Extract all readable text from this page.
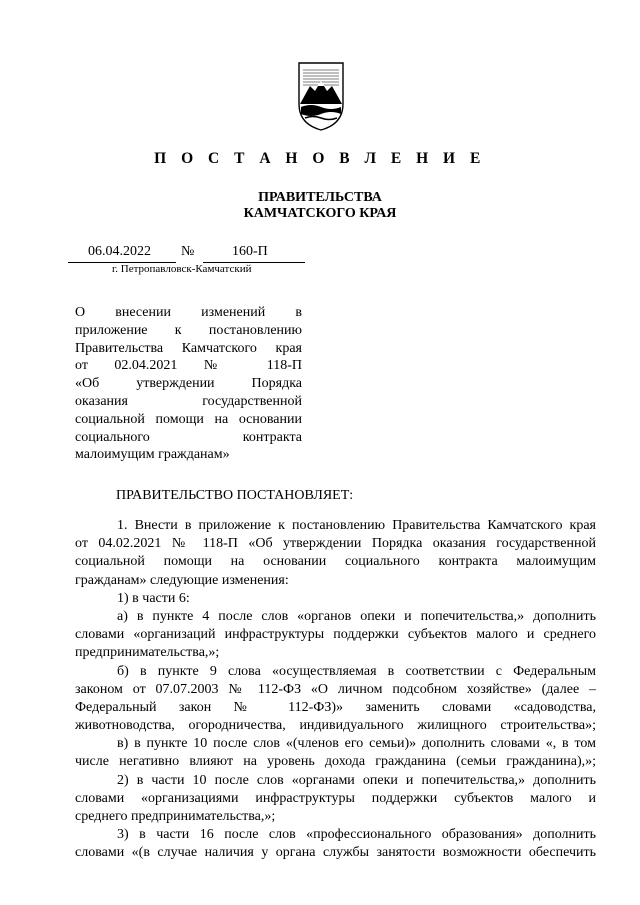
П О С Т А Н О В Л Е Н И Е
ПРАВИТЕЛЬСТВА
КАМЧАТСКОГО КРАЯ
06.04.2022 №	160-П
г. Петропавловск-Камчатский
О внесении изменений в
приложение к постановлению
Правительства Камчатского края
от 02.04.2021 № 118-П
«Об утверждении Порядка
оказания государственной
социальной помощи на основании
социального контракта
малоимущим гражданам»
ПРАВИТЕЛЬСТВО ПОСТАНОВЛЯЕТ:
1. Внести в приложение к постановлению Правительства Камчатского края
от 04.02.2021 № 118-П «Об утверждении Порядка оказания государственной
социальной помощи на основании социального контракта малоимущим
гражданам» следующие изменения:
1) в части 6:
а) в пункте 4 после слов «органов опеки и попечительства,» дополнить
словами «организаций инфраструктуры поддержки субъектов малого и среднего
предпринимательства,»;
б) в пункте 9 слова «осуществляемая в соответствии с Федеральным
законом от 07.07.2003 № 112-ФЗ «О личном подсобном хозяйстве» (далее –
Федеральный закон № 112-ФЗ)» заменить словами «садоводства,
животноводства, огородничества, индивидуального жилищного строительства»;
в) в пункте 10 после слов «(членов его семьи)» дополнить словами «, в том
числе негативно влияют на уровень дохода гражданина (семьи гражданина),»;
2) в части 10 после слов «органами опеки и попечительства,» дополнить
словами «организациями инфраструктуры поддержки субъектов малого и
среднего предпринимательства,»;
3) в части 16 после слов «профессионального образования» дополнить
словами «(в случае наличия у органа службы занятости возможности обеспечить
